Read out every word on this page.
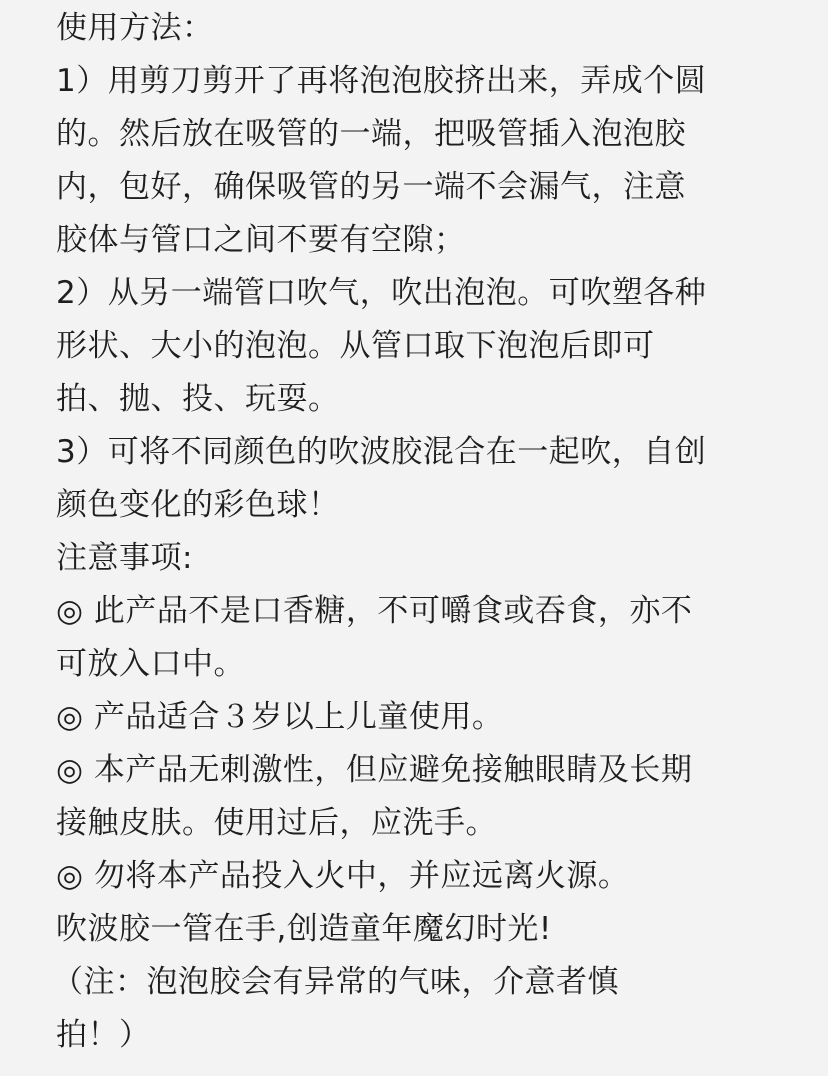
使用方法：

1）用剪刀剪开了再将泡泡胶挤出来，弄成个圆

的。然后放在吸管的一端，把吸管插入泡泡胶

内，包好，确保吸管的另一端不会漏气，注意

胶体与管口之间不要有空隙；

2）从另一端管口吹气，吹出泡泡。可吹塑各种

形状、大小的泡泡。从管口取下泡泡后即可

拍、抛、投、玩耍。

3）可将不同颜色的吹波胶混合在一起吹，自创

颜色变化的彩色球！

注意事项:

◎ 此产品不是口香糖，不可嚼食或吞食，亦不

可放入口中。

◎ 产品适合３岁以上儿童使用。

◎ 本产品无刺激性，但应避免接触眼睛及长期

接触皮肤。使用过后，应洗手。

◎ 勿将本产品投入火中，并应远离火源。

吹波胶一管在手,创造童年魔幻时光!

（注：泡泡胶会有异常的气味，介意者慎

拍！）
